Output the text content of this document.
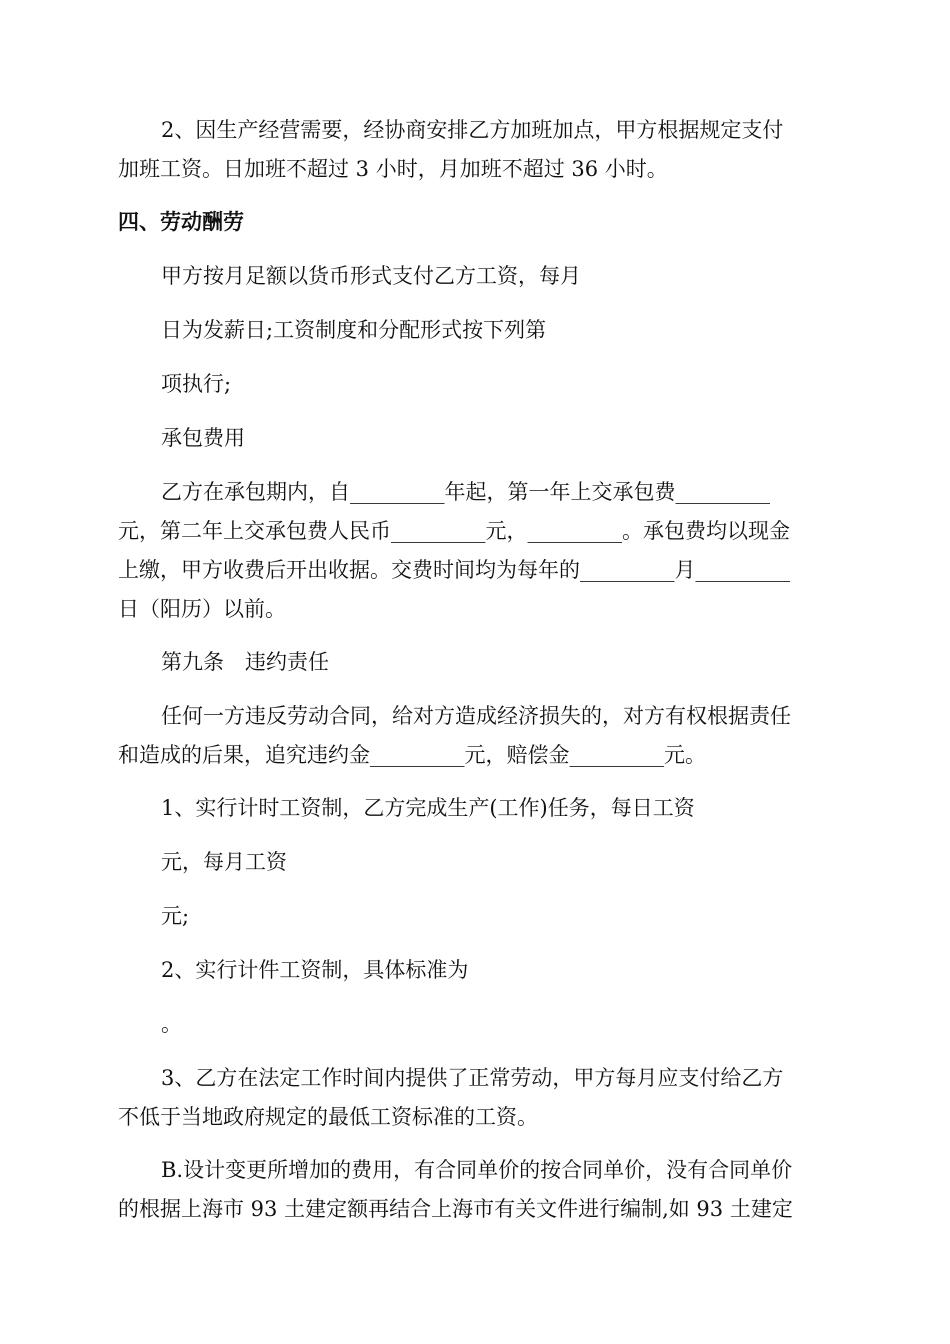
2、因生产经营需要，经协商安排乙方加班加点，甲方根据规定支付
加班工资。日加班不超过 3 小时，月加班不超过 36 小时。
四、劳动酬劳
甲方按月足额以货币形式支付乙方工资，每月
日为发薪日;工资制度和分配形式按下列第
项执行;
承包费用
乙方在承包期内，自_________年起，第一年上交承包费_________
元，第二年上交承包费人民币_________元，_________。承包费均以现金
上缴，甲方收费后开出收据。交费时间均为每年的_________月_________
日（阳历）以前。
第九条　违约责任
任何一方违反劳动合同，给对方造成经济损失的，对方有权根据责任
和造成的后果，追究违约金_________元，赔偿金_________元。
1、实行计时工资制，乙方完成生产(工作)任务，每日工资
元，每月工资
元;
2、实行计件工资制，具体标准为
。
3、乙方在法定工作时间内提供了正常劳动，甲方每月应支付给乙方
不低于当地政府规定的最低工资标准的工资。
B.设计变更所增加的费用，有合同单价的按合同单价，没有合同单价
的根据上海市 93 土建定额再结合上海市有关文件进行编制,如 93 土建定
